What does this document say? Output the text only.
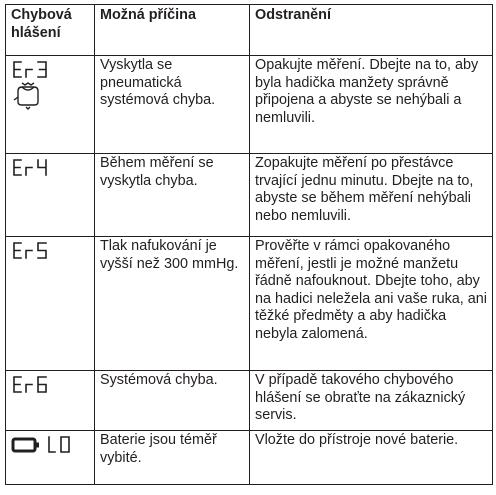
Chybová hlášení	Možná příčina	Odstranění

	Vyskytla se pneumatická systémová chyba.	Opakujte měření. Dbejte na to, aby byla hadička manžety správně připojena a abyste se nehýbali a nemluvili.

	Během měření se vyskytla chyba.	Zopakujte měření po přestávce trvající jednu minutu. Dbejte na to, abyste se během měření nehýbali nebo nemluvili.

	Tlak nafukování je vyšší než 300 mmHg.	Prověřte v rámci opakovaného měření, jestli je možné manžetu řádně nafouknout. Dbejte toho, aby na hadici neležela ani vaše ruka, ani těžké předměty a aby hadička nebyla zalomená.

	Systémová chyba.	V případě takového chybového hlášení se obraťte na zákaznický servis.

	Baterie jsou téměř vybité.	Vložte do přístroje nové baterie.
